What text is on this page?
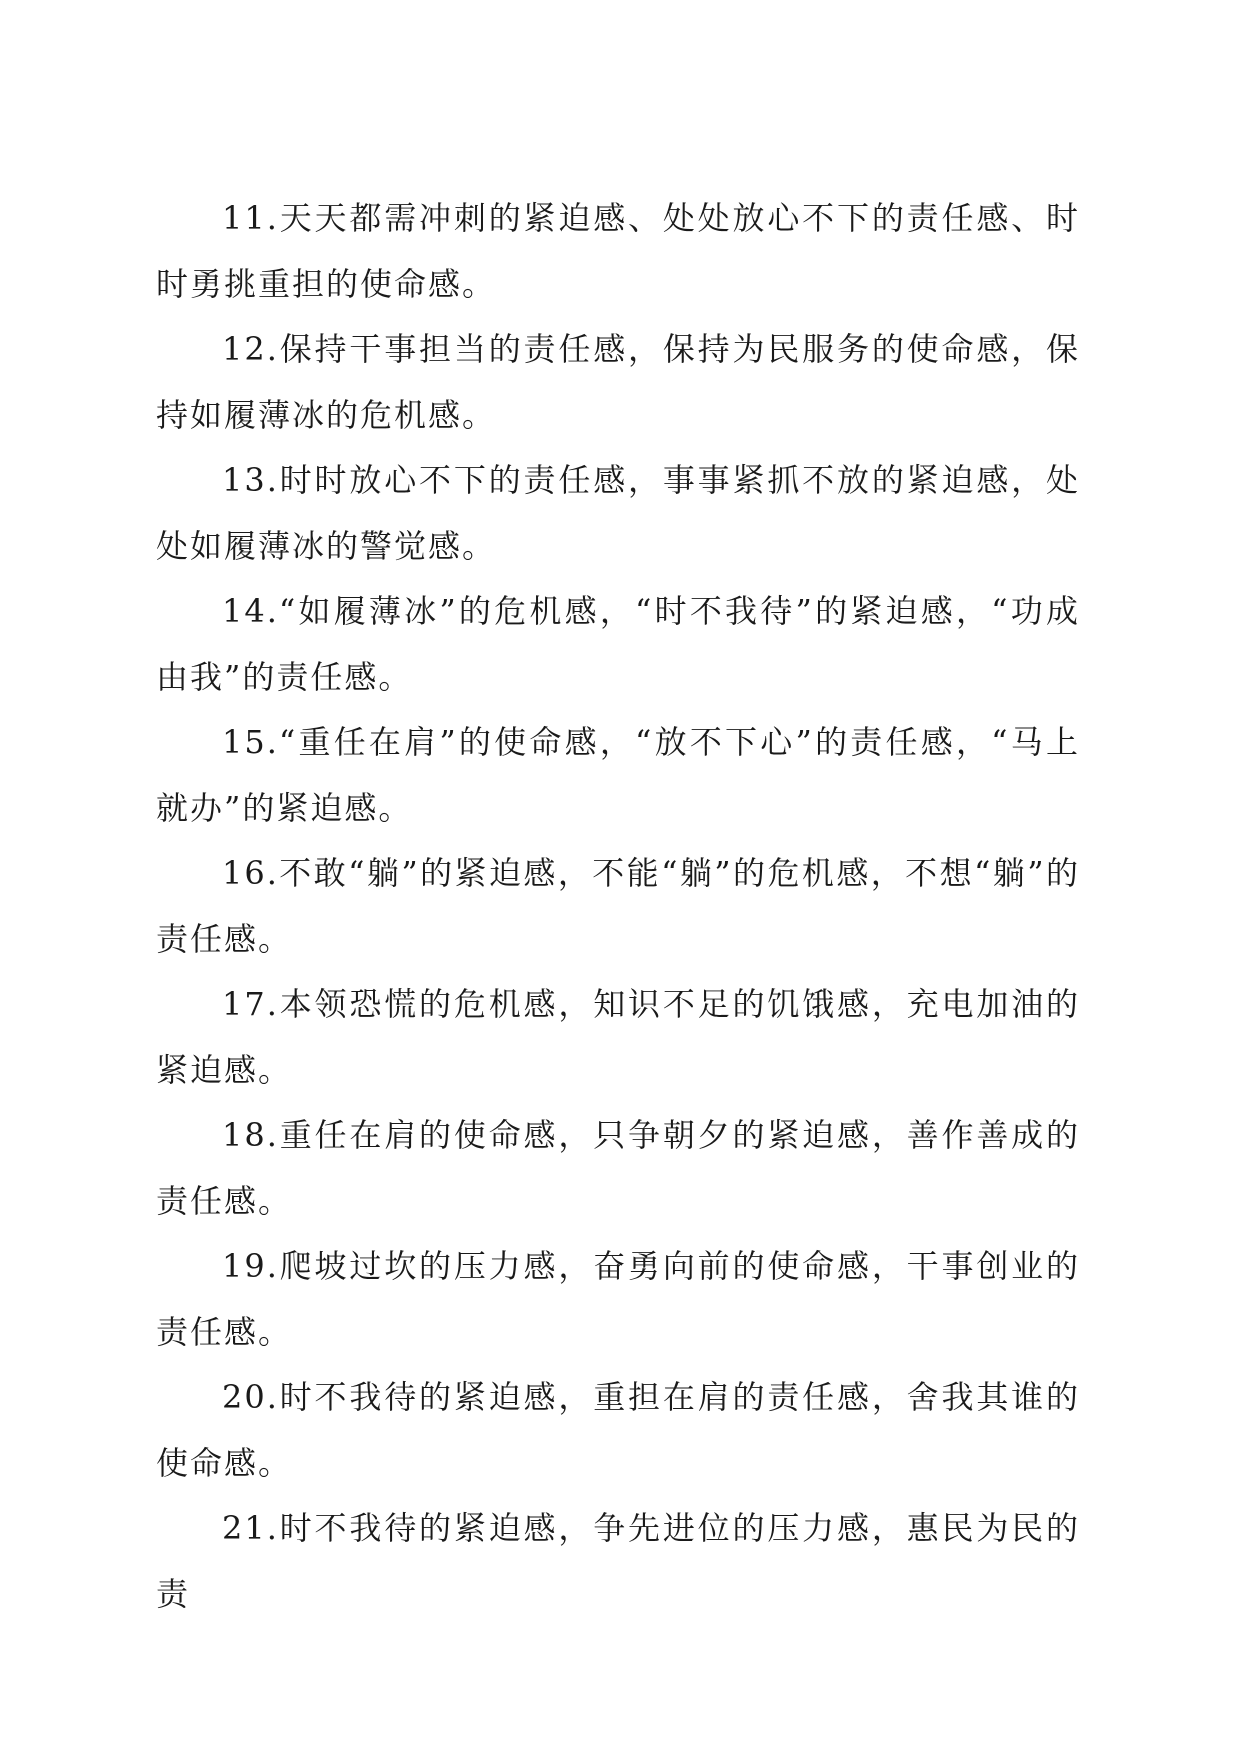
11.天天都需冲刺的紧迫感、处处放心不下的责任感、时时勇挑重担的使命感。

12.保持干事担当的责任感，保持为民服务的使命感，保持如履薄冰的危机感。

13.时时放心不下的责任感，事事紧抓不放的紧迫感，处处如履薄冰的警觉感。

14.“如履薄冰”的危机感，“时不我待”的紧迫感，“功成由我”的责任感。

15.“重任在肩”的使命感，“放不下心”的责任感，“马上就办”的紧迫感。

16.不敢“躺”的紧迫感，不能“躺”的危机感，不想“躺”的责任感。

17.本领恐慌的危机感，知识不足的饥饿感，充电加油的紧迫感。

18.重任在肩的使命感，只争朝夕的紧迫感，善作善成的责任感。

19.爬坡过坎的压力感，奋勇向前的使命感，干事创业的责任感。

20.时不我待的紧迫感，重担在肩的责任感，舍我其谁的使命感。

21.时不我待的紧迫感，争先进位的压力感，惠民为民的责
